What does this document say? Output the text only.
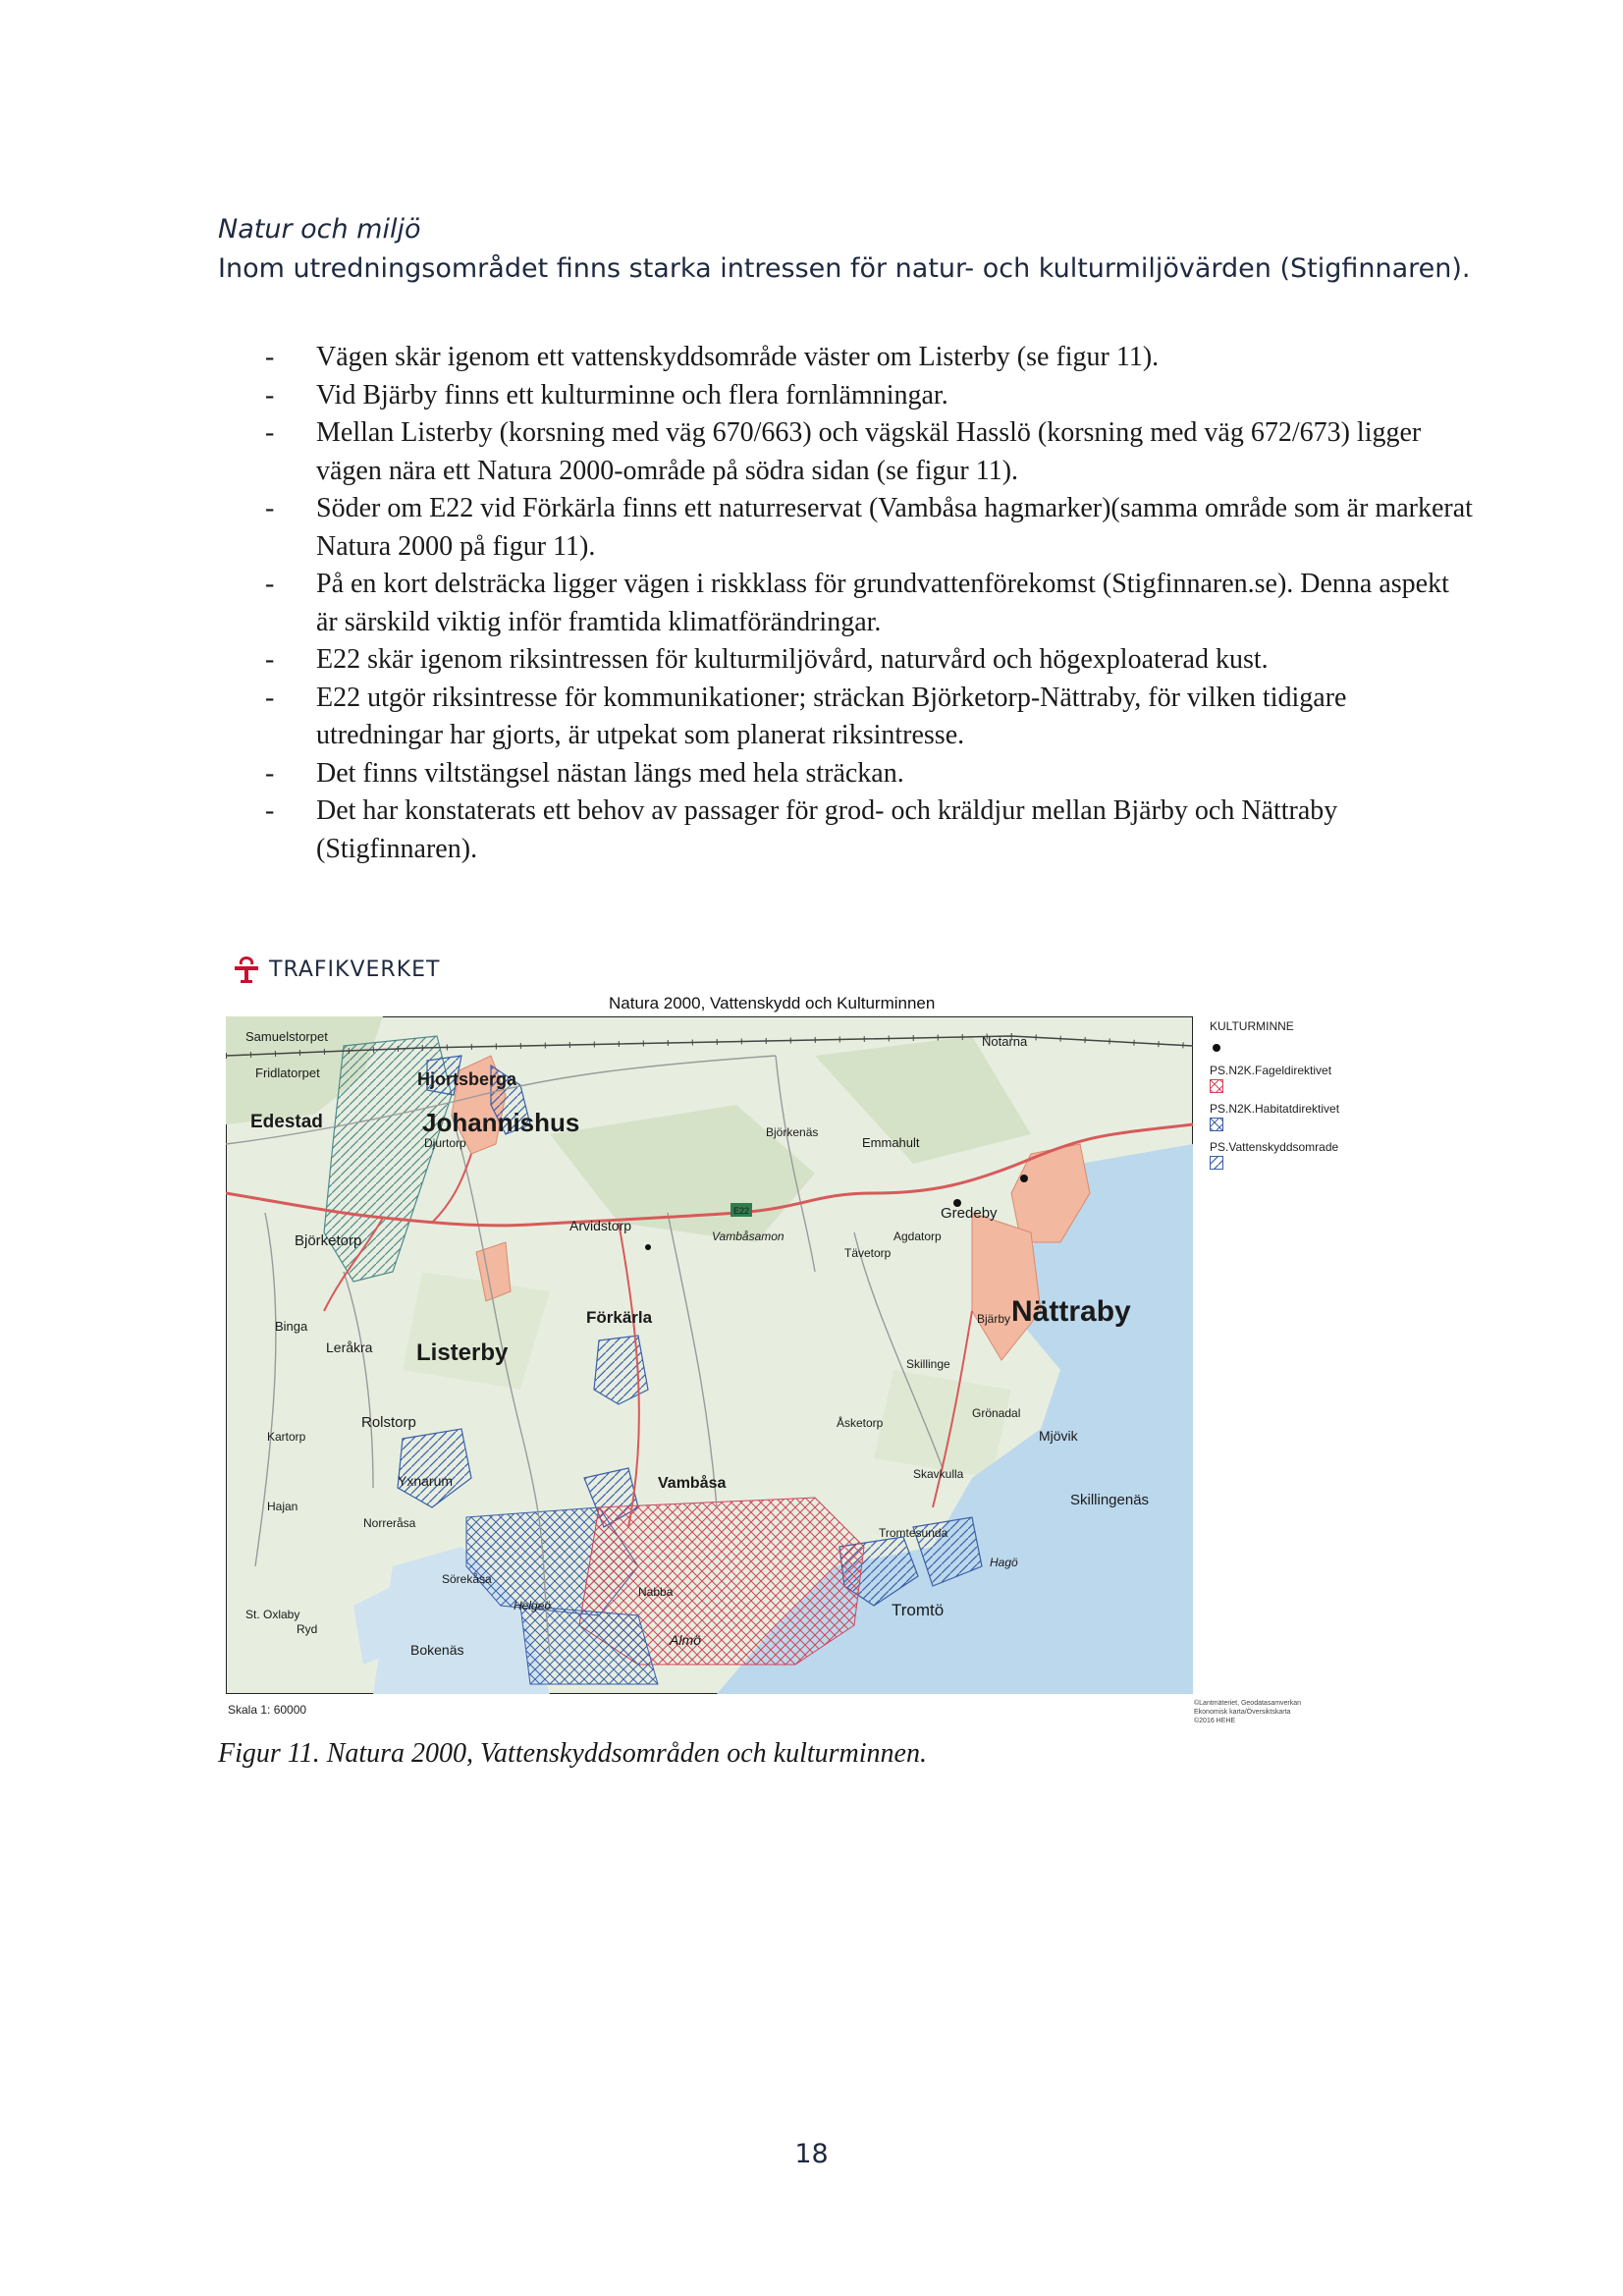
Natur och miljö
Inom utredningsområdet finns starka intressen för natur- och kulturmiljövärden (Stigfinnaren).
- Vägen skär igenom ett vattenskyddsområde väster om Listerby (se figur 11).
- Vid Bjärby finns ett kulturminne och flera fornlämningar.
- Mellan Listerby (korsning med väg 670/663) och vägskäl Hasslö (korsning med väg 672/673) ligger vägen nära ett Natura 2000-område på södra sidan (se figur 11).
- Söder om E22 vid Förkärla finns ett naturreservat (Vambåsa hagmarker)(samma område som är markerat Natura 2000 på figur 11).
- På en kort delsträcka ligger vägen i riskklass för grundvattenförekomst (Stigfinnaren.se). Denna aspekt är särskild viktig inför framtida klimatförändringar.
- E22 skär igenom riksintressen för kulturmiljövård, naturvård och högexploaterad kust.
- E22 utgör riksintresse för kommunikationer; sträckan Björketorp-Nättraby, för vilken tidigare utredningar har gjorts, är utpekat som planerat riksintresse.
- Det finns viltstängsel nästan längs med hela sträckan.
- Det har konstaterats ett behov av passager för grod- och kräldjur mellan Bjärby och Nättraby (Stigfinnaren).
TRAFIKVERKET
Natura 2000, Vattenskydd och Kulturminnen
E22
Samuelstorpet
Fridlatorpet	Hjortsberga
Edestad	Johannishus
Djurtorp
Björkenäs
Emmahult
Notarna
Björketorp
Arvidstorp
Vambåsamon
Gredeby
Agdatorp
Tävetorp
Bjärby Nättraby
Förkärla
Binga
Leråkra Listerby	Skillinge
Rolstorp
Kartorp
Åsketorp
Grönadal
Mjövik
Yxnarum	Skavkulla
Skillingenäs
Hajan
Norreråsa
Vambåsa
Tromtesunda
Sörekåsa
Nabba
Hagö
Tromtö
St. Oxlaby
Ryd
Bokenäs
Helgeö
Almö
KULTURMINNE
PS.N2K.Fageldirektivet
PS.N2K.Habitatdirektivet
PS.Vattenskyddsomrade
Skala 1: 60000	©Lantmäteriet, Geodatasamverkan
Ekonomisk karta/Översiktskarta
©2016 HEHE
Figur 11. Natura 2000, Vattenskyddsområden och kulturminnen.
18
